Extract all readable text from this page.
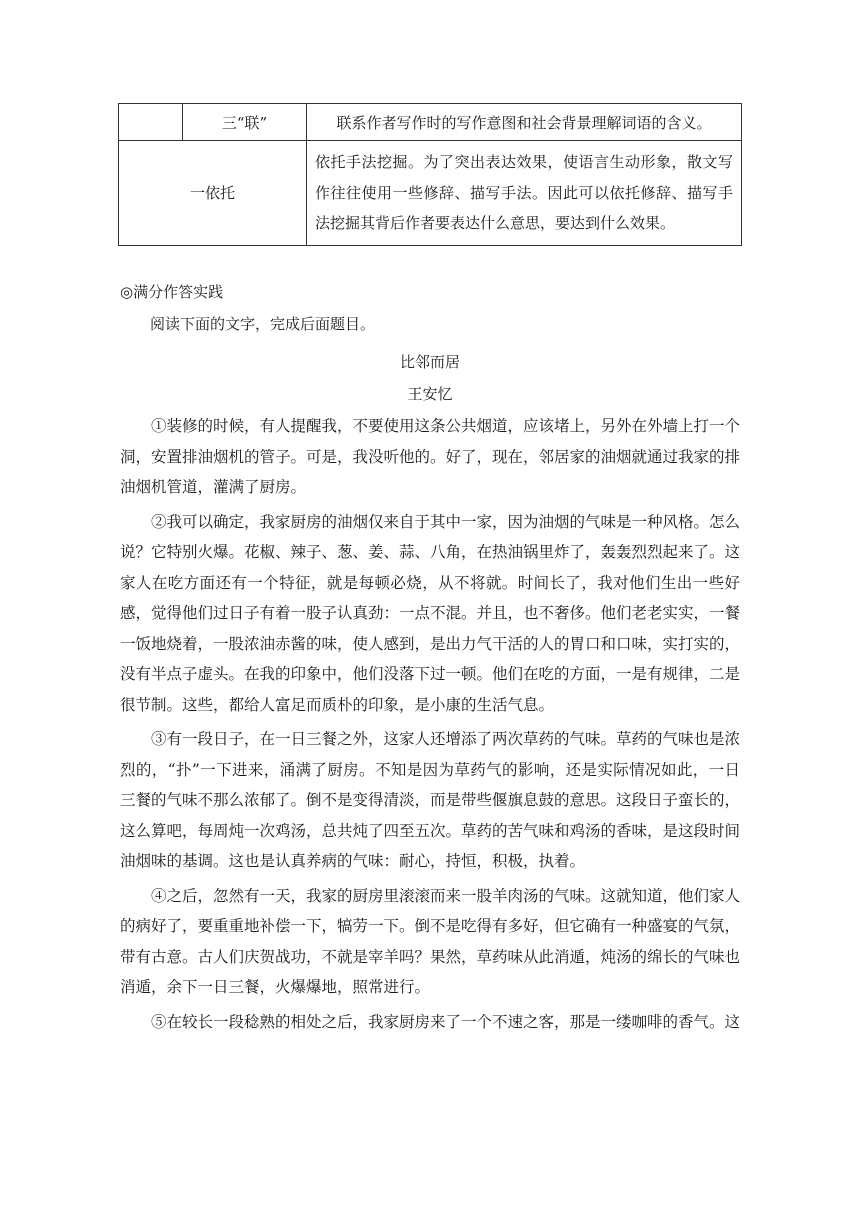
	三“联”	联系作者写作时的写作意图和社会背景理解词语的含义。
一依托		依托手法挖掘。为了突出表达效果，使语言生动形象，散文写作往往使用一些修辞、描写手法。因此可以依托修辞、描写手法挖掘其背后作者要表达什么意思，要达到什么效果。
◎满分作答实践
阅读下面的文字，完成后面题目。
比邻而居
王安忆

①装修的时候，有人提醒我，不要使用这条公共烟道，应该堵上，另外在外墙上打一个洞，安置排油烟机的管子。可是，我没听他的。好了，现在，邻居家的油烟就通过我家的排油烟机管道，灌满了厨房。

②我可以确定，我家厨房的油烟仅来自于其中一家，因为油烟的气味是一种风格。怎么说？它特别火爆。花椒、辣子、葱、姜、蒜、八角，在热油锅里炸了，轰轰烈烈起来了。这家人在吃方面还有一个特征，就是每顿必烧，从不将就。时间长了，我对他们生出一些好感，觉得他们过日子有着一股子认真劲：一点不混。并且，也不奢侈。他们老老实实，一餐一饭地烧着，一股浓油赤酱的味，使人感到，是出力气干活的人的胃口和口味，实打实的，没有半点子虚头。在我的印象中，他们没落下过一顿。他们在吃的方面，一是有规律，二是很节制。这些，都给人富足而质朴的印象，是小康的生活气息。

③有一段日子，在一日三餐之外，这家人还增添了两次草药的气味。草药的气味也是浓烈的，“扑”一下进来，涌满了厨房。不知是因为草药气的影响，还是实际情况如此，一日三餐的气味不那么浓郁了。倒不是变得清淡，而是带些偃旗息鼓的意思。这段日子蛮长的，这么算吧，每周炖一次鸡汤，总共炖了四至五次。草药的苦气味和鸡汤的香味，是这段时间油烟味的基调。这也是认真养病的气味：耐心，持恒，积极，执着。

④之后，忽然有一天，我家的厨房里滚滚而来一股羊肉汤的气味。这就知道，他们家人的病好了，要重重地补偿一下，犒劳一下。倒不是吃得有多好，但它确有一种盛宴的气氛，带有古意。古人们庆贺战功，不就是宰羊吗？果然，草药味从此消遁，炖汤的绵长的气味也消遁，余下一日三餐，火爆爆地，照常进行。

⑤在较长一段稔熟的相处之后，我家厨房来了一个不速之客，那是一缕咖啡的香气。这
